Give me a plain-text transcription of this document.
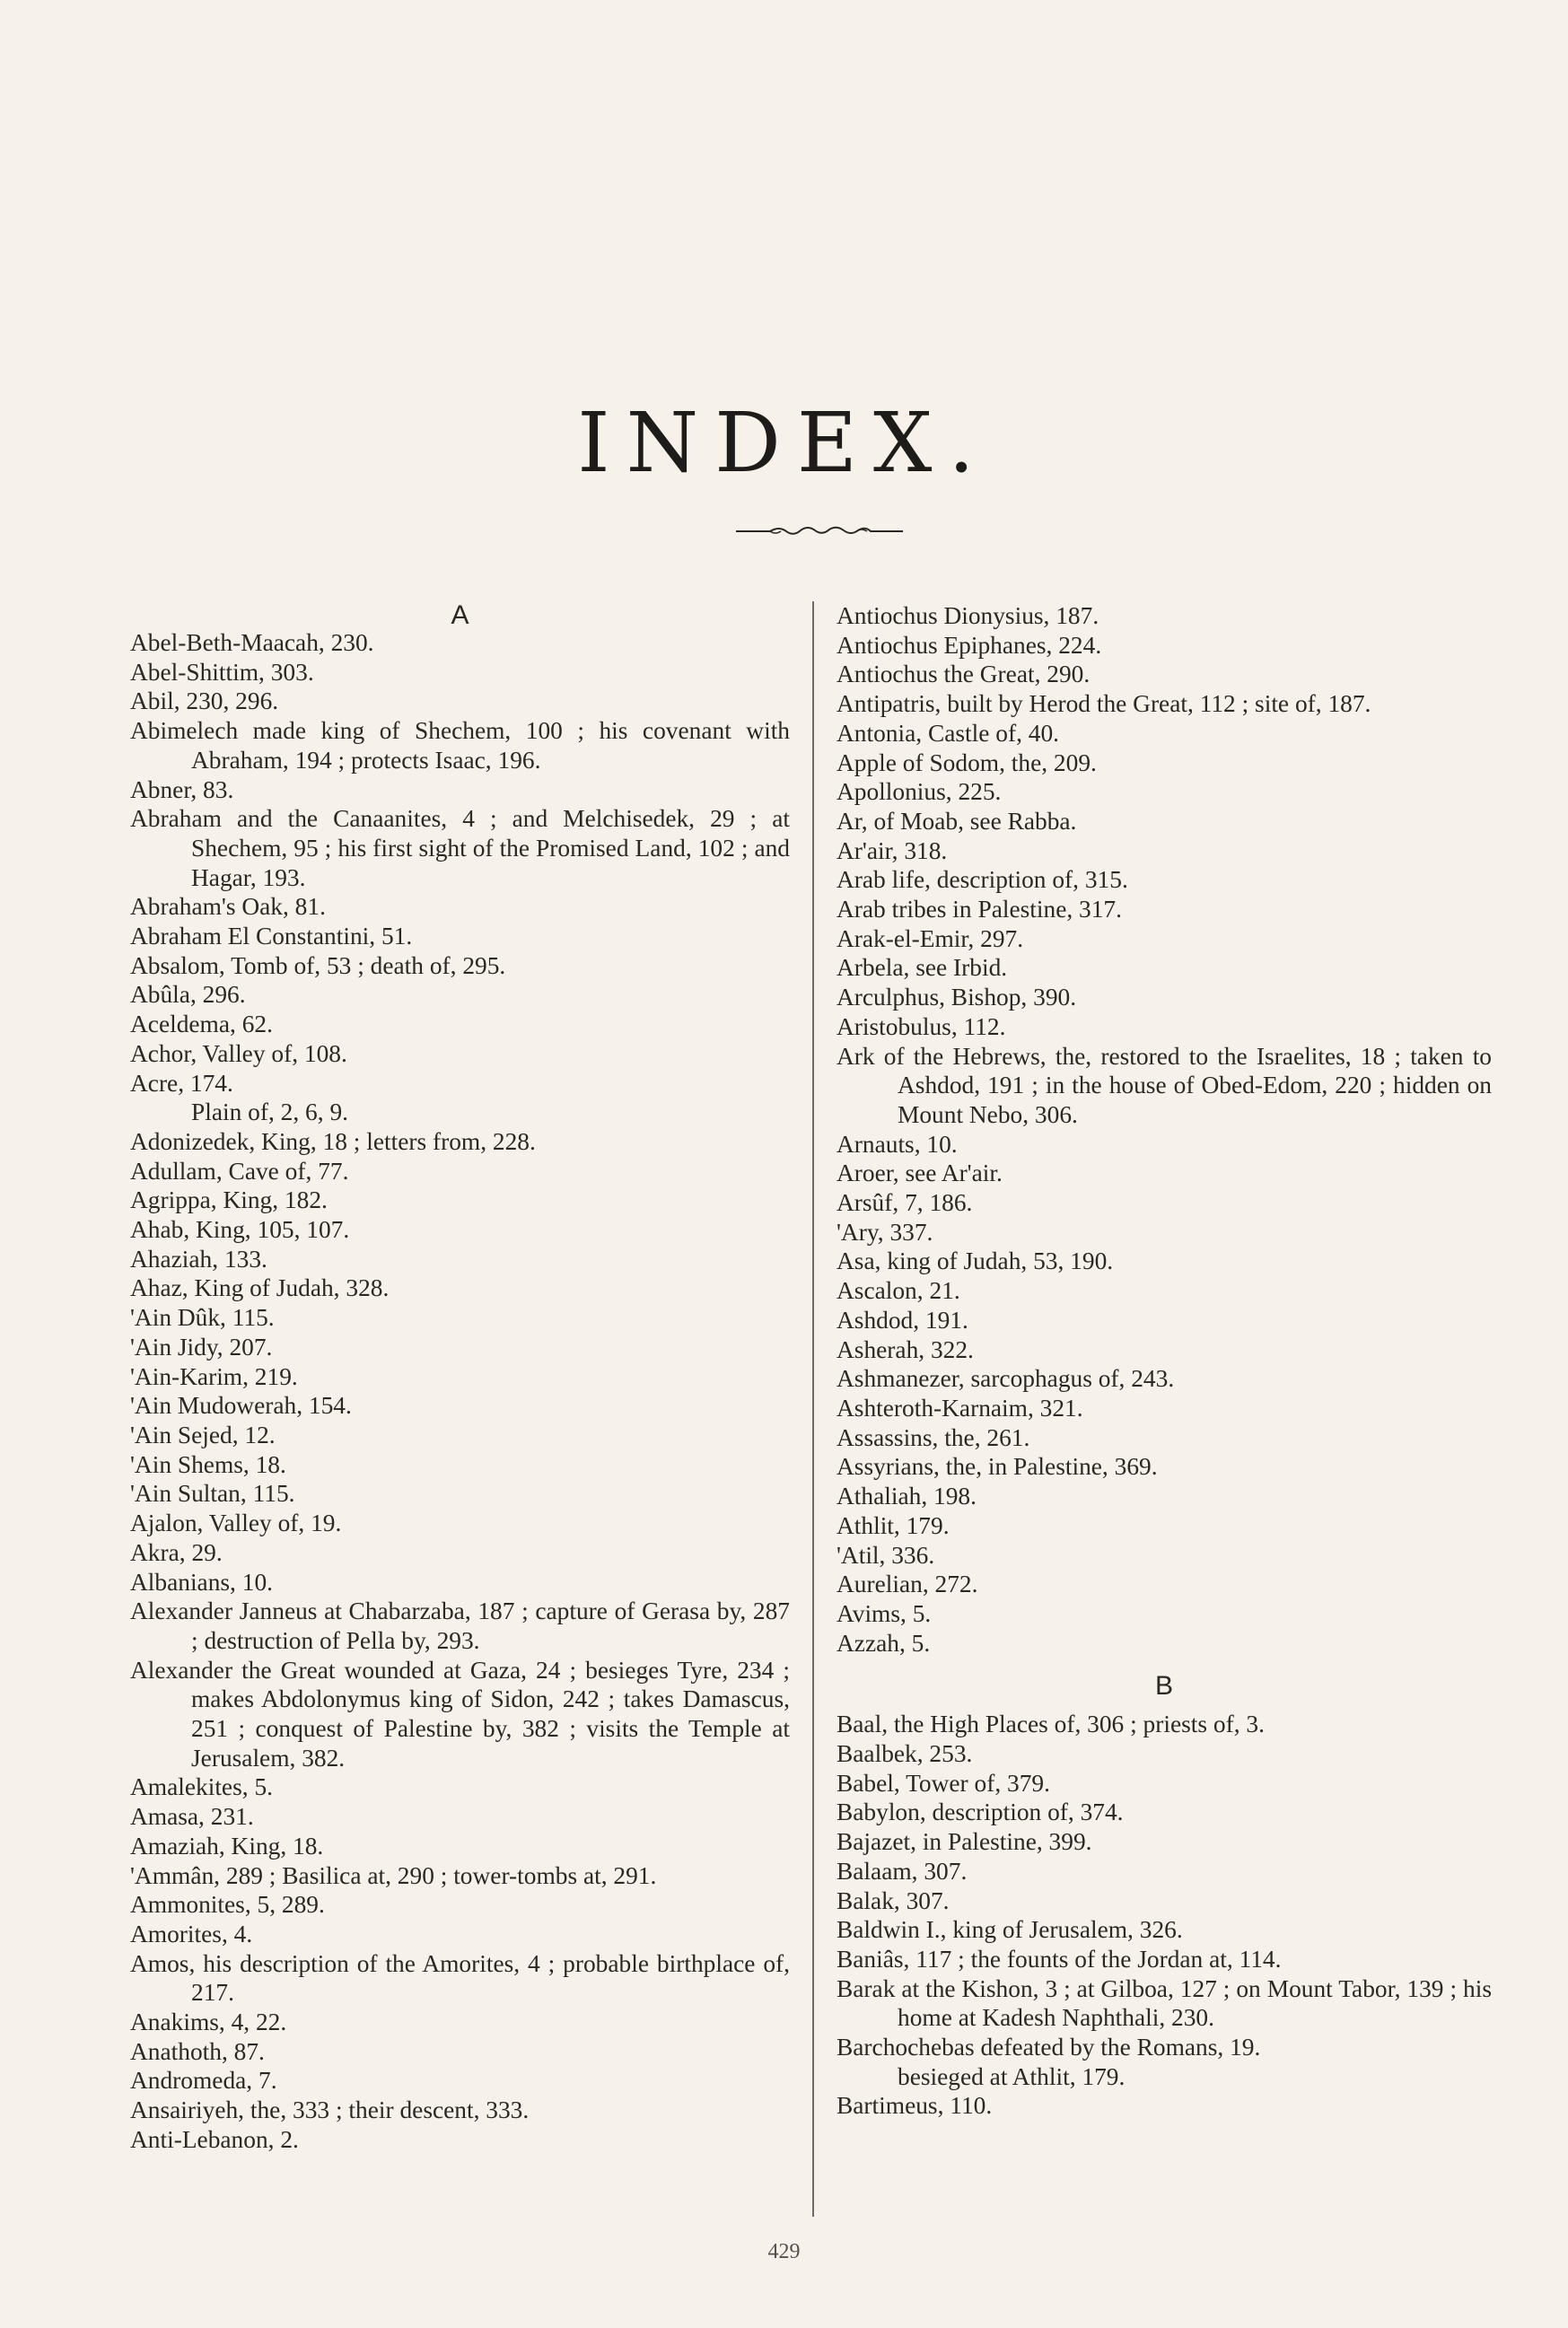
INDEX.
A
Abel-Beth-Maacah, 230.
Abel-Shittim, 303.
Abil, 230, 296.
Abimelech made king of Shechem, 100 ; his covenant with Abraham, 194 ; protects Isaac, 196.
Abner, 83.
Abraham and the Canaanites, 4 ; and Melchisedek, 29 ; at Shechem, 95 ; his first sight of the Promised Land, 102 ; and Hagar, 193.
Abraham's Oak, 81.
Abraham El Constantini, 51.
Absalom, Tomb of, 53 ; death of, 295.
Abûla, 296.
Aceldema, 62.
Achor, Valley of, 108.
Acre, 174.
Plain of, 2, 6, 9.
Adonizedek, King, 18 ; letters from, 228.
Adullam, Cave of, 77.
Agrippa, King, 182.
Ahab, King, 105, 107.
Ahaziah, 133.
Ahaz, King of Judah, 328.
'Ain Dûk, 115.
'Ain Jidy, 207.
'Ain-Karim, 219.
'Ain Mudowerah, 154.
'Ain Sejed, 12.
'Ain Shems, 18.
'Ain Sultan, 115.
Ajalon, Valley of, 19.
Akra, 29.
Albanians, 10.
Alexander Janneus at Chabarzaba, 187 ; capture of Gerasa by, 287 ; destruction of Pella by, 293.
Alexander the Great wounded at Gaza, 24 ; besieges Tyre, 234 ; makes Abdolonymus king of Sidon, 242 ; takes Damascus, 251 ; conquest of Palestine by, 382 ; visits the Temple at Jerusalem, 382.
Amalekites, 5.
Amasa, 231.
Amaziah, King, 18.
'Ammân, 289 ; Basilica at, 290 ; tower-tombs at, 291.
Ammonites, 5, 289.
Amorites, 4.
Amos, his description of the Amorites, 4 ; probable birthplace of, 217.
Anakims, 4, 22.
Anathoth, 87.
Andromeda, 7.
Ansairiyeh, the, 333 ; their descent, 333.
Anti-Lebanon, 2.
Antiochus Dionysius, 187.
Antiochus Epiphanes, 224.
Antiochus the Great, 290.
Antipatris, built by Herod the Great, 112 ; site of, 187.
Antonia, Castle of, 40.
Apple of Sodom, the, 209.
Apollonius, 225.
Ar, of Moab, see Rabba.
Ar'air, 318.
Arab life, description of, 315.
Arab tribes in Palestine, 317.
Arak-el-Emir, 297.
Arbela, see Irbid.
Arculphus, Bishop, 390.
Aristobulus, 112.
Ark of the Hebrews, the, restored to the Israelites, 18 ; taken to Ashdod, 191 ; in the house of Obed-Edom, 220 ; hidden on Mount Nebo, 306.
Arnauts, 10.
Aroer, see Ar'air.
Arsûf, 7, 186.
'Ary, 337.
Asa, king of Judah, 53, 190.
Ascalon, 21.
Ashdod, 191.
Asherah, 322.
Ashmanezer, sarcophagus of, 243.
Ashteroth-Karnaim, 321.
Assassins, the, 261.
Assyrians, the, in Palestine, 369.
Athaliah, 198.
Athlit, 179.
'Atil, 336.
Aurelian, 272.
Avims, 5.
Azzah, 5.
B
Baal, the High Places of, 306 ; priests of, 3.
Baalbek, 253.
Babel, Tower of, 379.
Babylon, description of, 374.
Bajazet, in Palestine, 399.
Balaam, 307.
Balak, 307.
Baldwin I., king of Jerusalem, 326.
Baniâs, 117 ; the founts of the Jordan at, 114.
Barak at the Kishon, 3 ; at Gilboa, 127 ; on Mount Tabor, 139 ; his home at Kadesh Naphthali, 230.
Barchochebas defeated by the Romans, 19.
besieged at Athlit, 179.
Bartimeus, 110.
429
